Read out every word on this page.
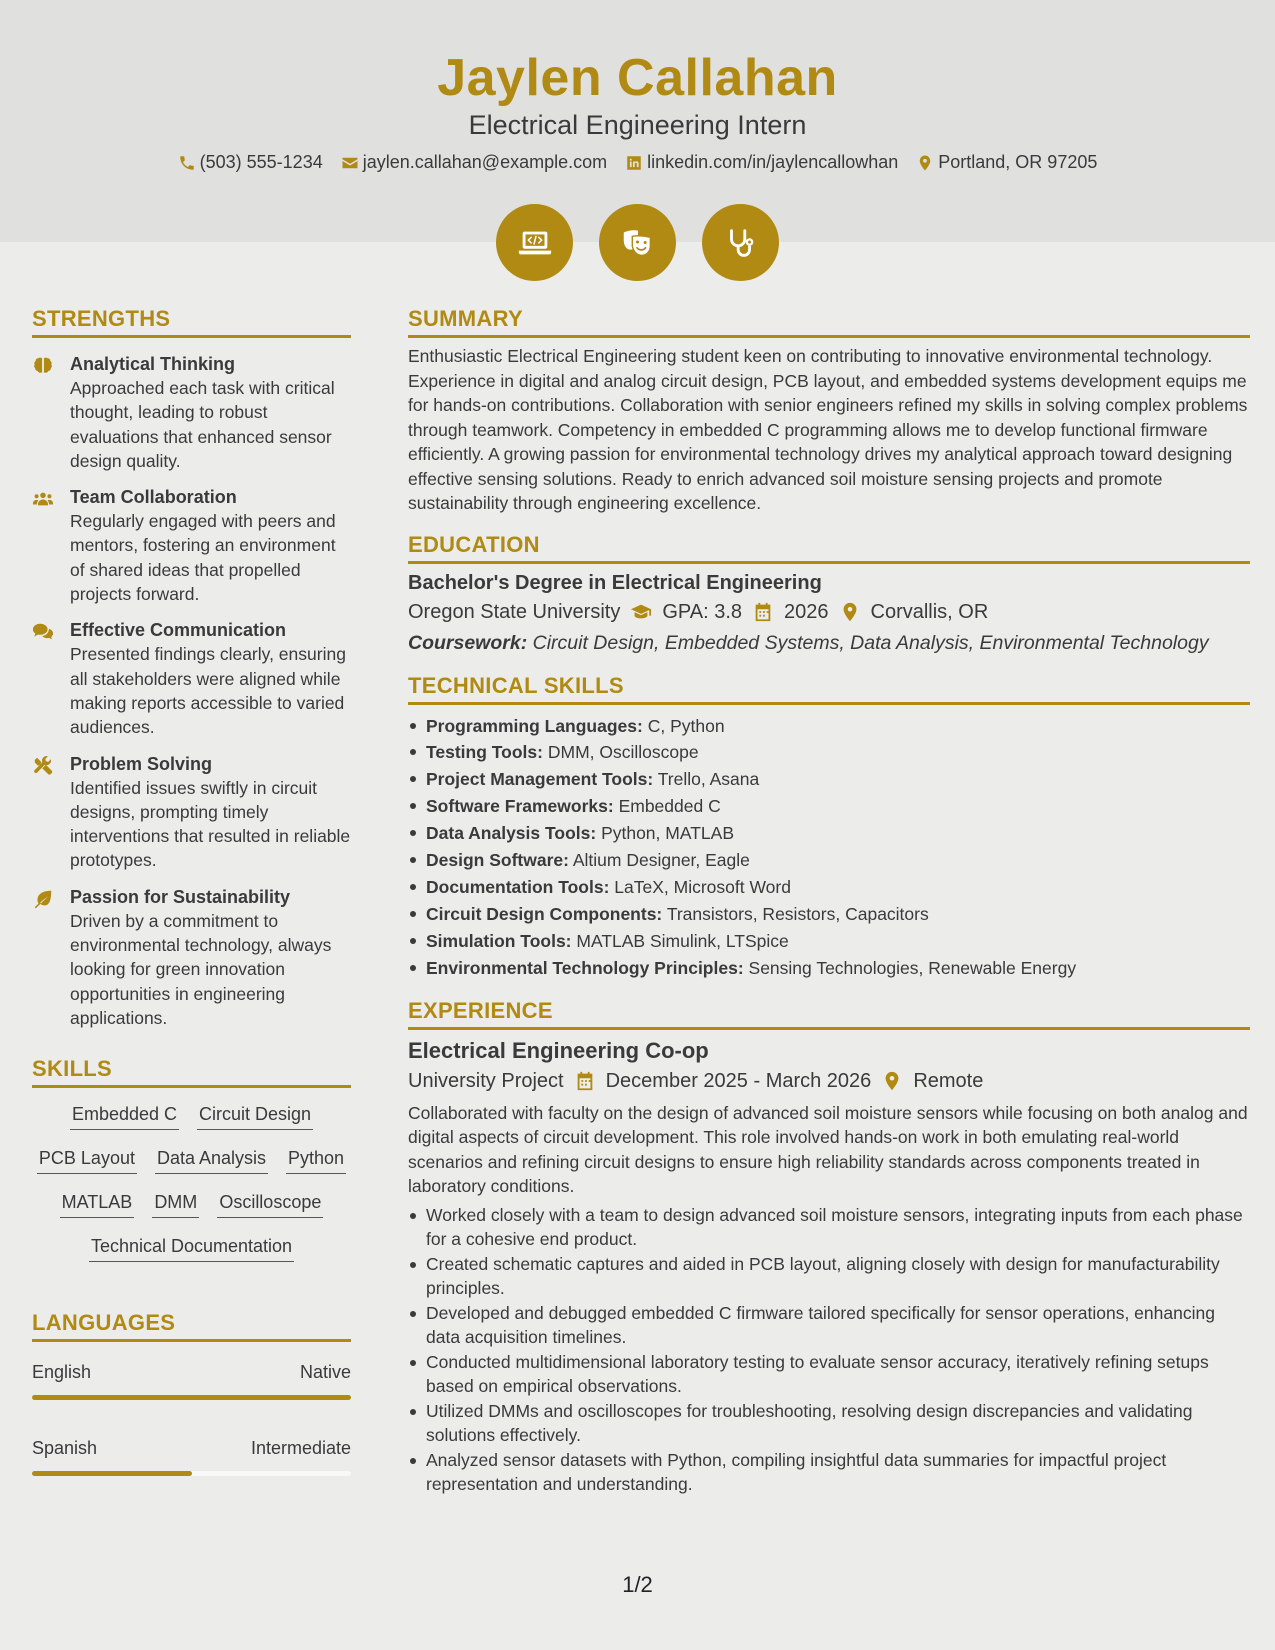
Jaylen Callahan
Electrical Engineering Intern
(503) 555-1234 jaylen.callahan@example.com linkedin.com/in/jaylencallowhan Portland, OR 97205
STRENGTHS
Analytical Thinking
Approached each task with critical thought, leading to robust evaluations that enhanced sensor design quality.
Team Collaboration
Regularly engaged with peers and mentors, fostering an environment of shared ideas that propelled projects forward.
Effective Communication
Presented findings clearly, ensuring all stakeholders were aligned while making reports accessible to varied audiences.
Problem Solving
Identified issues swiftly in circuit designs, prompting timely interventions that resulted in reliable prototypes.
Passion for Sustainability
Driven by a commitment to environmental technology, always looking for green innovation opportunities in engineering applications.
SKILLS
Embedded C Circuit Design
PCB Layout Data Analysis Python
MATLAB DMM Oscilloscope
Technical Documentation
LANGUAGES
English	Native
Spanish	Intermediate
SUMMARY
Enthusiastic Electrical Engineering student keen on contributing to innovative environmental technology. Experience in digital and analog circuit design, PCB layout, and embedded systems development equips me for hands-on contributions. Collaboration with senior engineers refined my skills in solving complex problems through teamwork. Competency in embedded C programming allows me to develop functional firmware efficiently. A growing passion for environmental technology drives my analytical approach toward designing effective sensing solutions. Ready to enrich advanced soil moisture sensing projects and promote sustainability through engineering excellence.
EDUCATION
Bachelor's Degree in Electrical Engineering
Oregon State University GPA: 3.8 2026 Corvallis, OR
Coursework: Circuit Design, Embedded Systems, Data Analysis, Environmental Technology
TECHNICAL SKILLS
Programming Languages: C, Python
Testing Tools: DMM, Oscilloscope
Project Management Tools: Trello, Asana
Software Frameworks: Embedded C
Data Analysis Tools: Python, MATLAB
Design Software: Altium Designer, Eagle
Documentation Tools: LaTeX, Microsoft Word
Circuit Design Components: Transistors, Resistors, Capacitors
Simulation Tools: MATLAB Simulink, LTSpice
Environmental Technology Principles: Sensing Technologies, Renewable Energy
EXPERIENCE
Electrical Engineering Co-op
University Project December 2025 - March 2026 Remote
Collaborated with faculty on the design of advanced soil moisture sensors while focusing on both analog and digital aspects of circuit development. This role involved hands-on work in both emulating real-world scenarios and refining circuit designs to ensure high reliability standards across components treated in laboratory conditions.
Worked closely with a team to design advanced soil moisture sensors, integrating inputs from each phase for a cohesive end product.
Created schematic captures and aided in PCB layout, aligning closely with design for manufacturability principles.
Developed and debugged embedded C firmware tailored specifically for sensor operations, enhancing data acquisition timelines.
Conducted multidimensional laboratory testing to evaluate sensor accuracy, iteratively refining setups based on empirical observations.
Utilized DMMs and oscilloscopes for troubleshooting, resolving design discrepancies and validating solutions effectively.
Analyzed sensor datasets with Python, compiling insightful data summaries for impactful project representation and understanding.
1/2
